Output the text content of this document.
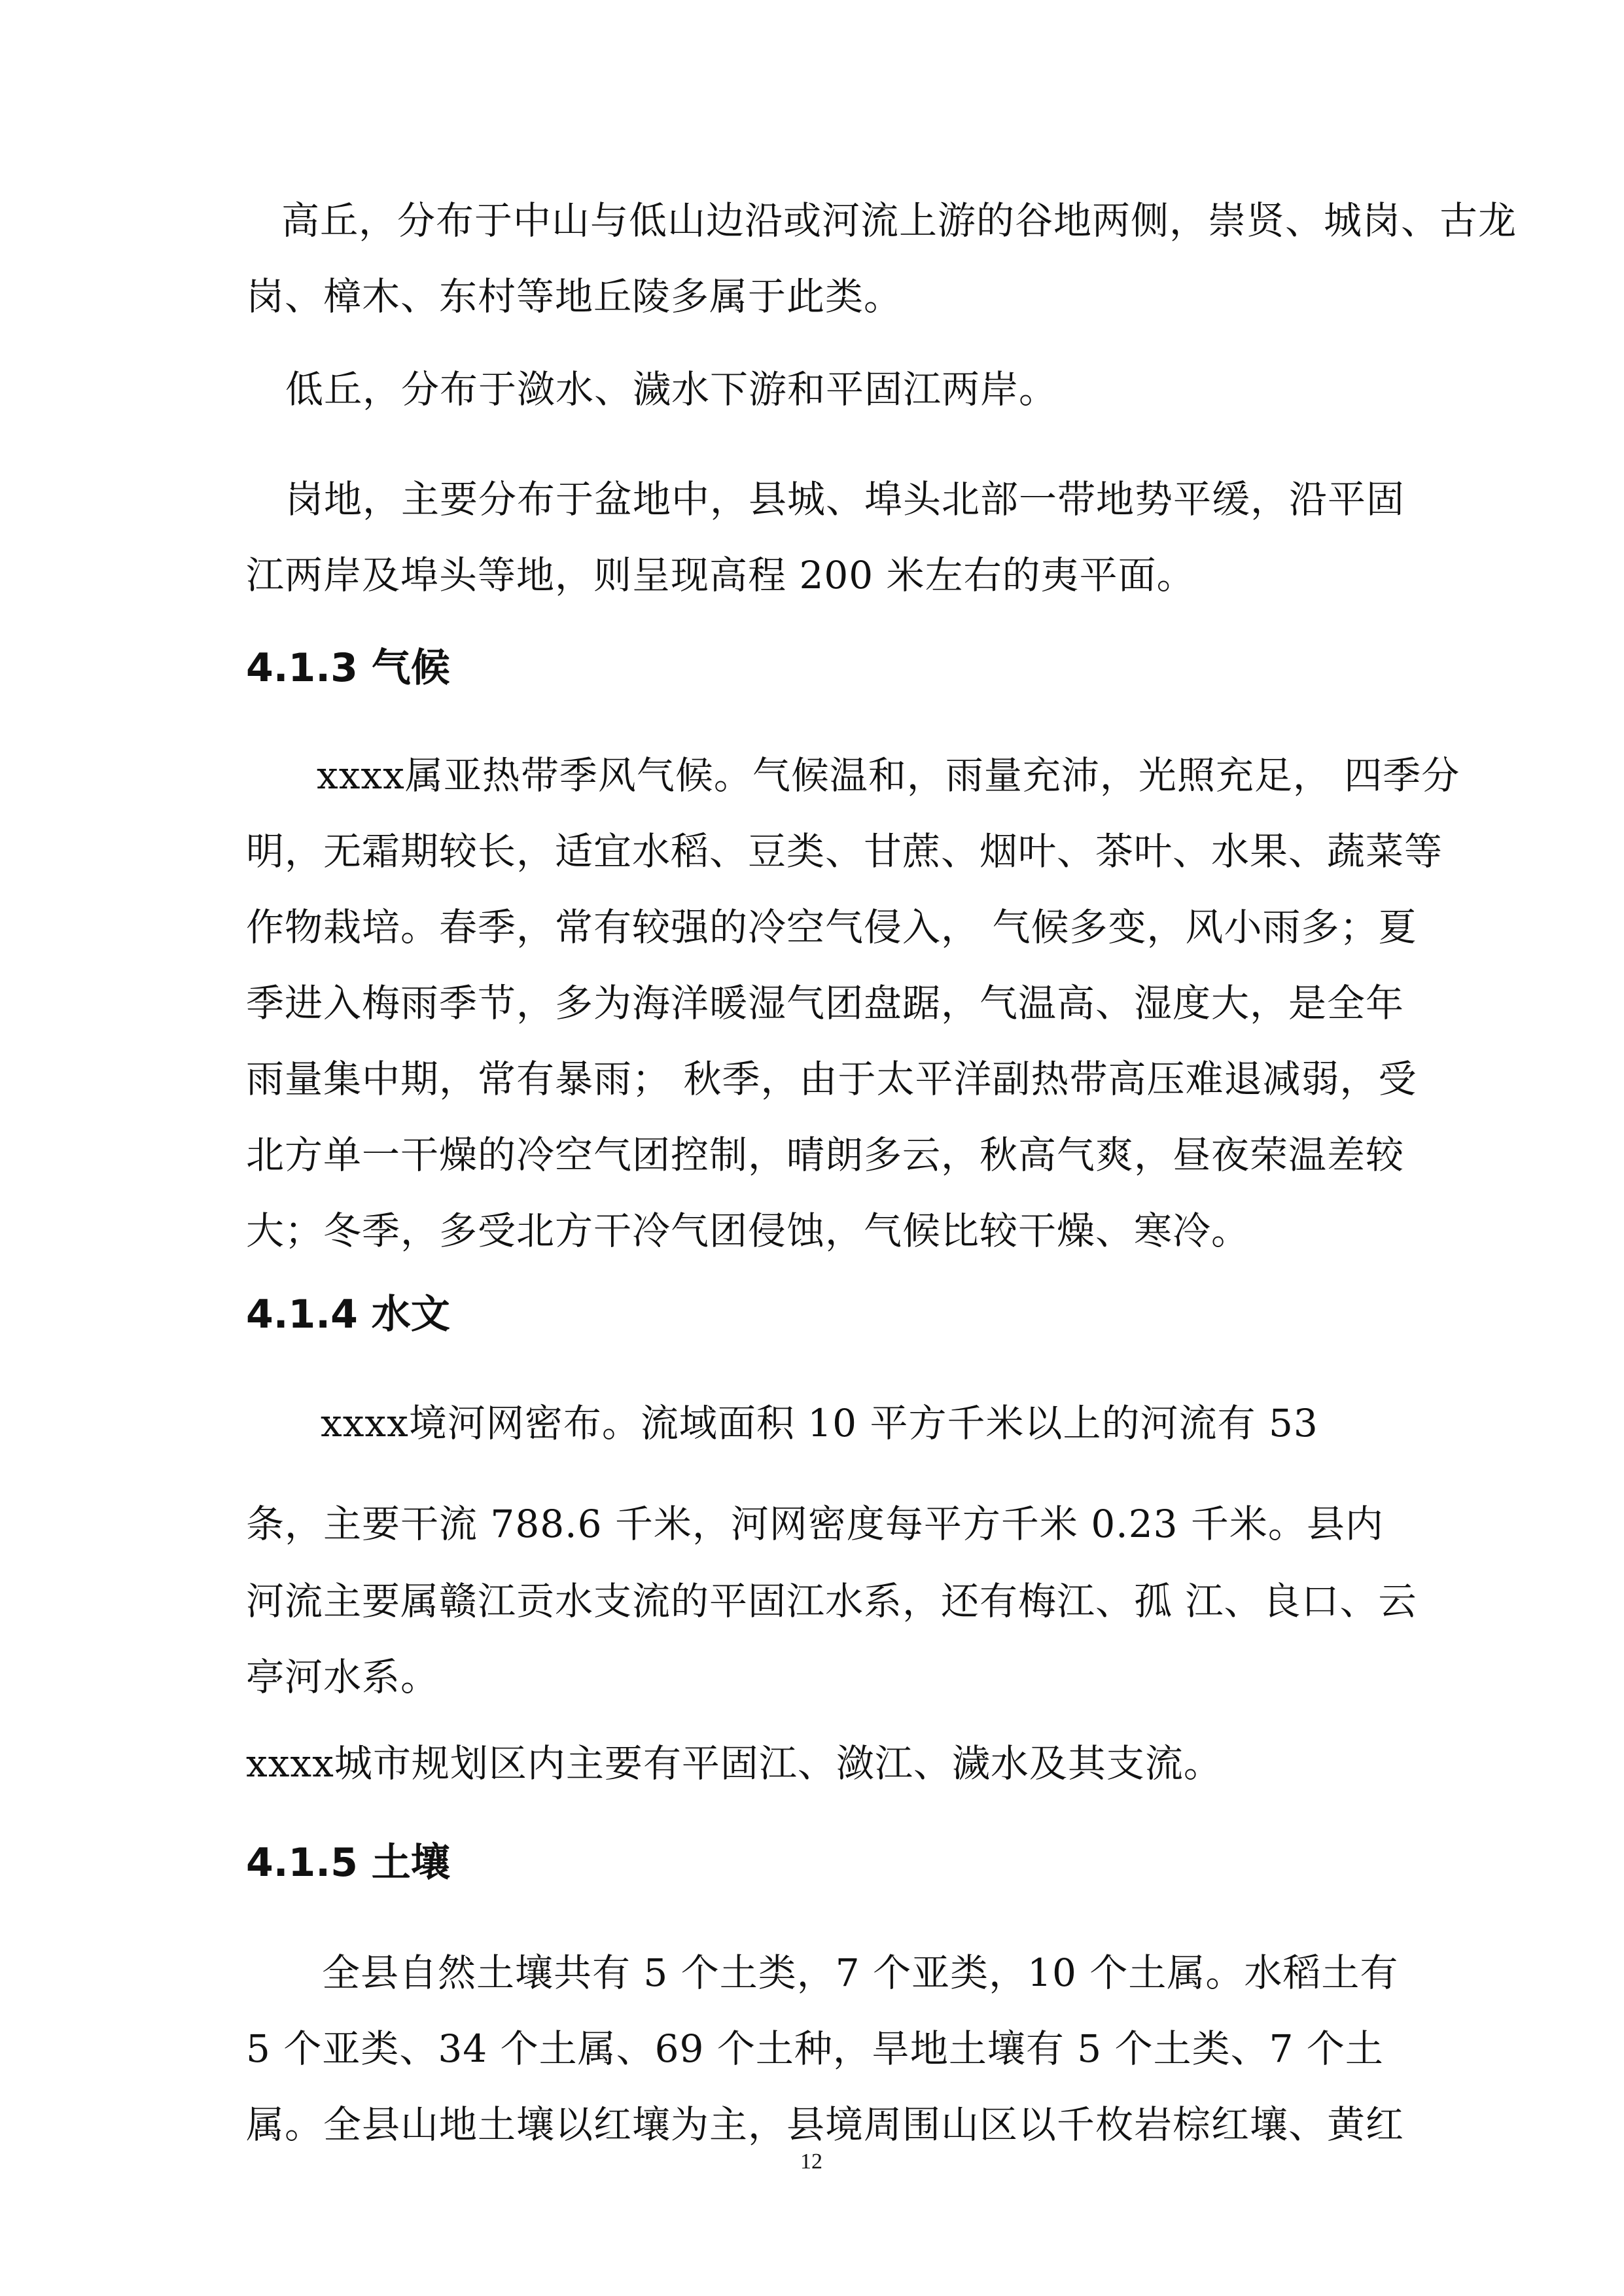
高丘，分布于中山与低山边沿或河流上游的谷地两侧，崇贤、城岗、古龙
岗、樟木、东村等地丘陵多属于此类。
低丘，分布于潋水、濊水下游和平固江两岸。
岗地，主要分布于盆地中，县城、埠头北部一带地势平缓，沿平固
江两岸及埠头等地，则呈现高程 200 米左右的夷平面。
4.1.3 气候
xxxx属亚热带季风气候。气候温和，雨量充沛，光照充足， 四季分
明，无霜期较长，适宜水稻、豆类、甘蔗、烟叶、茶叶、水果、蔬菜等
作物栽培。春季，常有较强的冷空气侵入， 气候多变，风小雨多；夏
季进入梅雨季节，多为海洋暖湿气团盘踞，气温高、湿度大，是全年
雨量集中期，常有暴雨； 秋季，由于太平洋副热带高压难退减弱，受
北方单一干燥的冷空气团控制，晴朗多云，秋高气爽，昼夜荣温差较
大；冬季，多受北方干冷气团侵蚀，气候比较干燥、寒冷。
4.1.4 水文
xxxx境河网密布。流域面积 10 平方千米以上的河流有 53
条，主要干流 788.6 千米，河网密度每平方千米 0.23 千米。县内
河流主要属赣江贡水支流的平固江水系，还有梅江、孤 江、良口、云
亭河水系。
xxxx城市规划区内主要有平固江、潋江、濊水及其支流。
4.1.5 土壤
全县自然土壤共有 5 个土类，7 个亚类，10 个土属。水稻土有
5 个亚类、34 个土属、69 个土种，旱地土壤有 5 个土类、7 个土
属。全县山地土壤以红壤为主，县境周围山区以千枚岩棕红壤、黄红
12
